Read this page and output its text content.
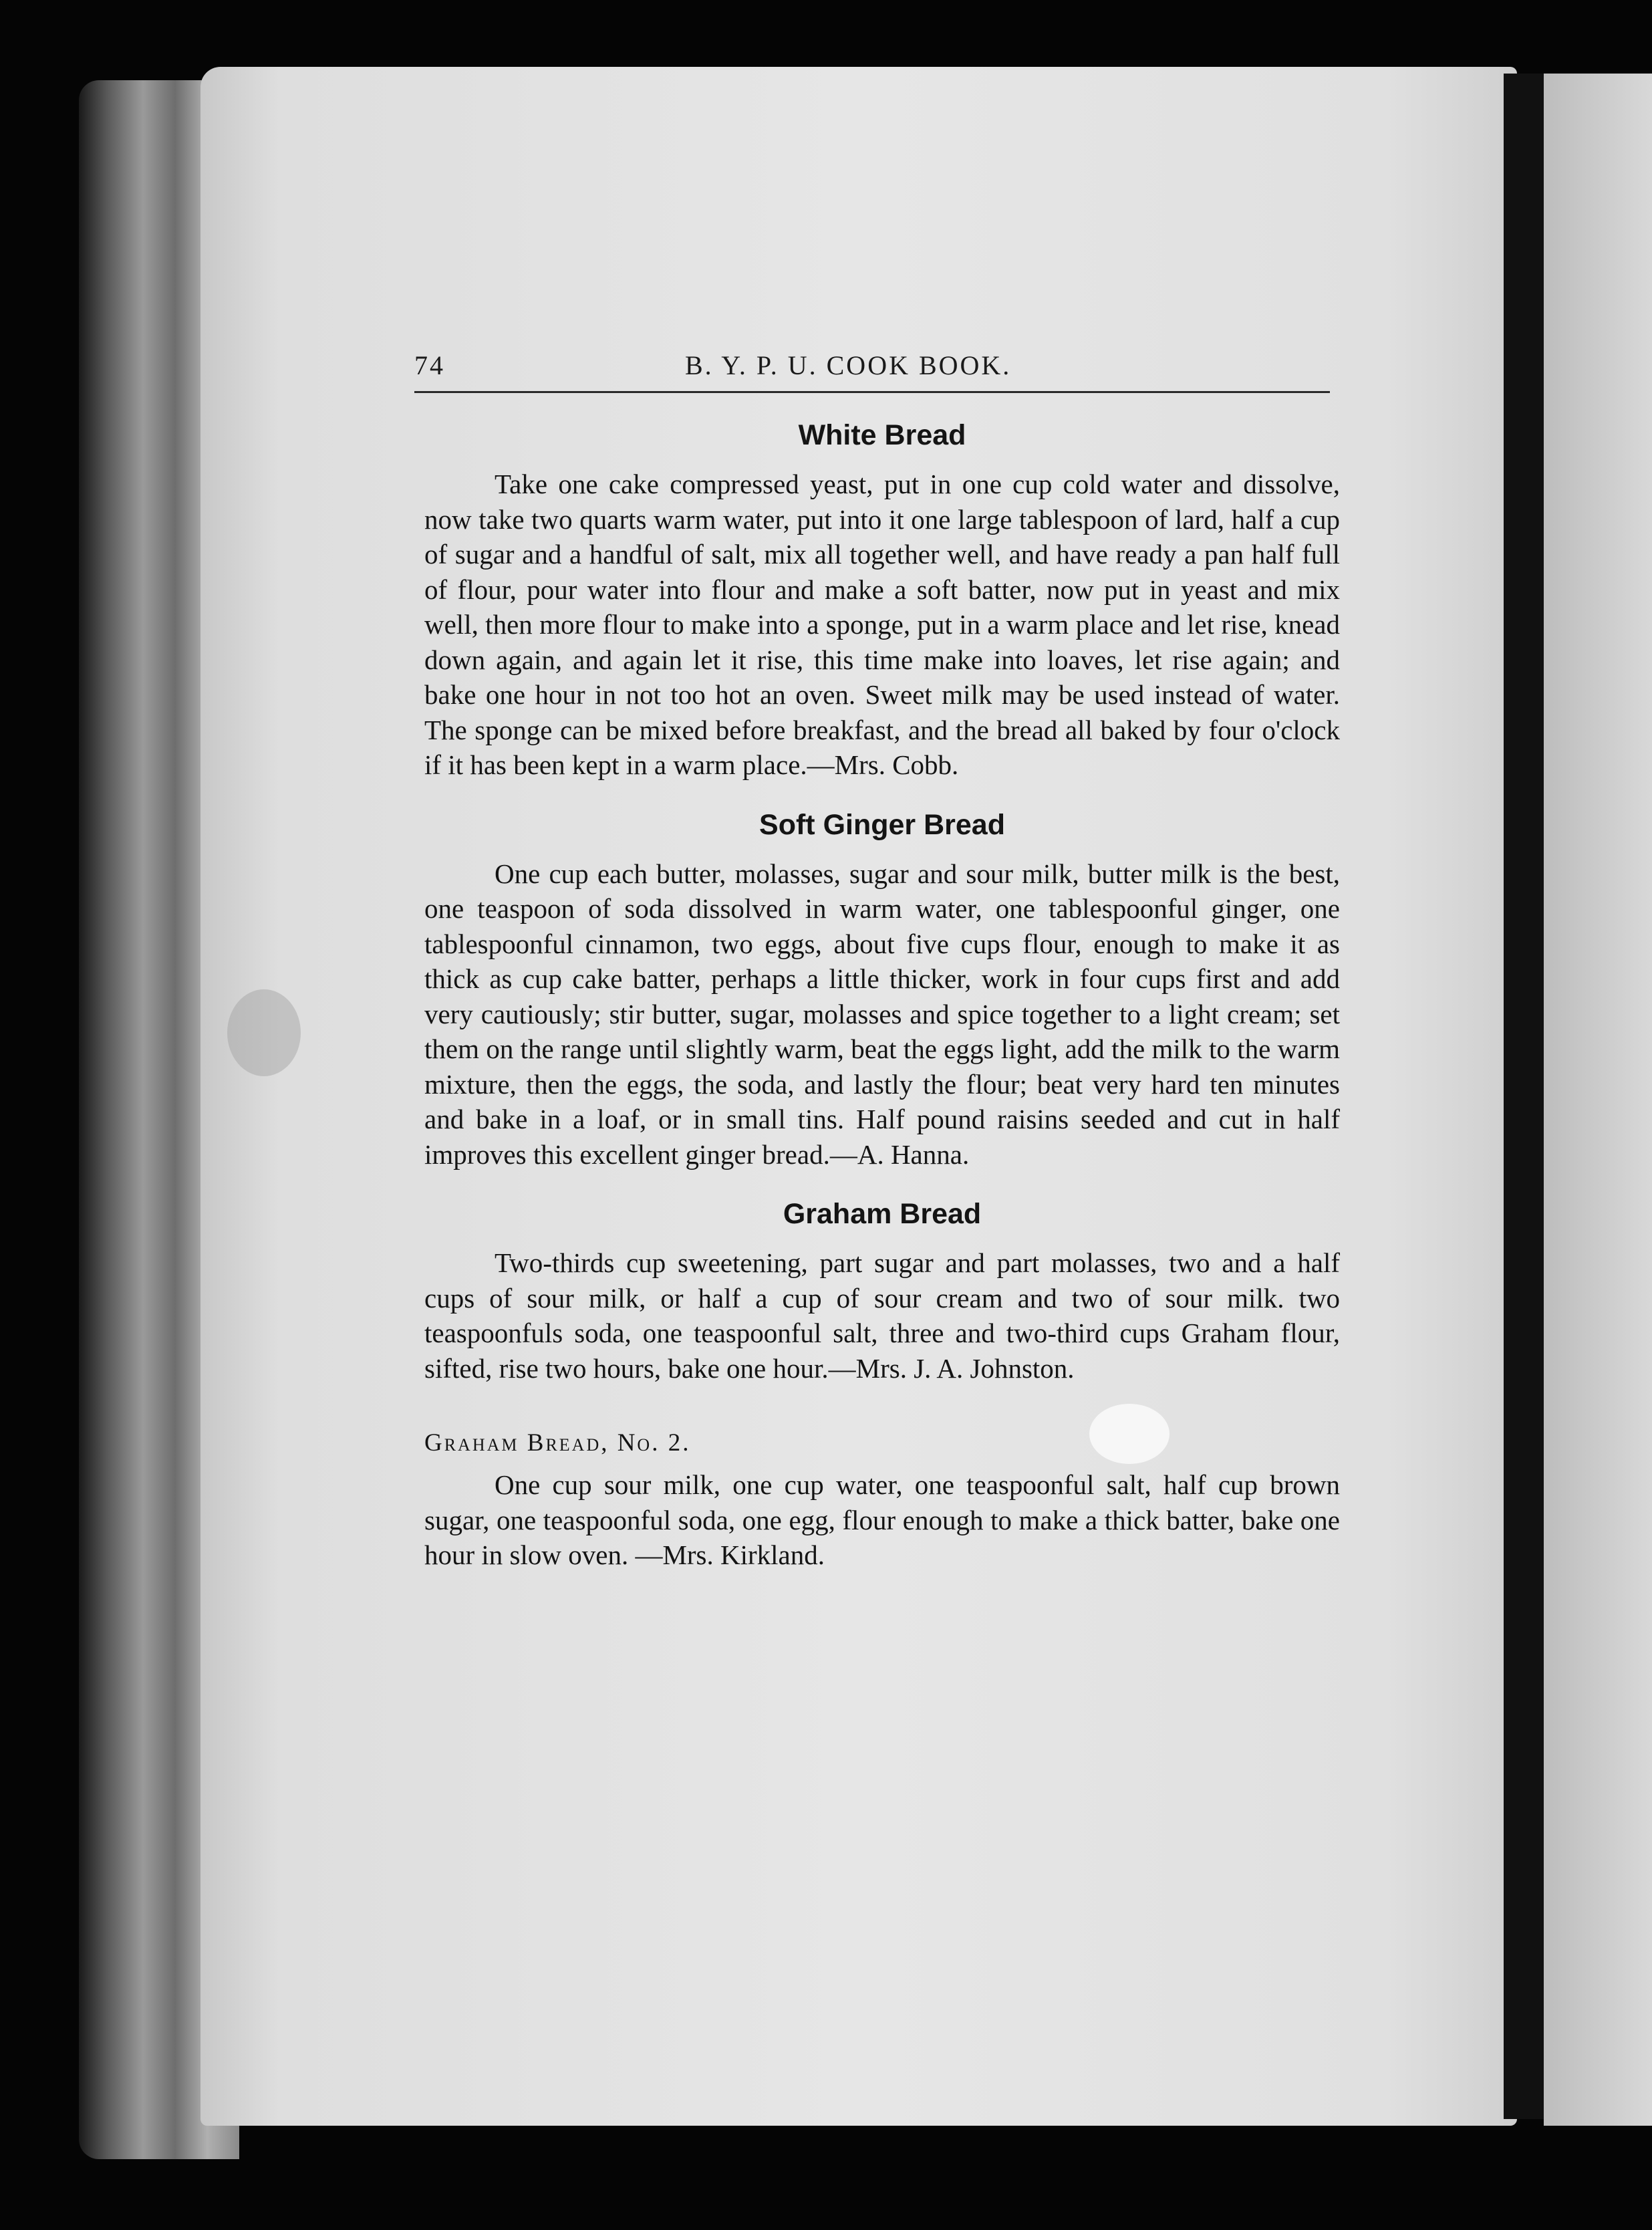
74	B. Y. P. U. COOK BOOK.
White Bread

Take one cake compressed yeast, put in one cup cold water and dissolve, now take two quarts warm water, put into it one large tablespoon of lard, half a cup of sugar and a handful of salt, mix all together well, and have ready a pan half full of flour, pour water into flour and make a soft batter, now put in yeast and mix well, then more flour to make into a sponge, put in a warm place and let rise, knead down again, and again let it rise, this time make into loaves, let rise again; and bake one hour in not too hot an oven. Sweet milk may be used instead of water. The sponge can be mixed before breakfast, and the bread all baked by four o'clock if it has been kept in a warm place.—Mrs. Cobb.

Soft Ginger Bread

One cup each butter, molasses, sugar and sour milk, butter milk is the best, one teaspoon of soda dissolved in warm water, one tablespoonful ginger, one tablespoonful cinnamon, two eggs, about five cups flour, enough to make it as thick as cup cake batter, perhaps a little thicker, work in four cups first and add very cautiously; stir butter, sugar, molasses and spice together to a light cream; set them on the range until slightly warm, beat the eggs light, add the milk to the warm mixture, then the eggs, the soda, and lastly the flour; beat very hard ten minutes and bake in a loaf, or in small tins. Half pound raisins seeded and cut in half improves this excellent ginger bread.—A. Hanna.

Graham Bread

Two-thirds cup sweetening, part sugar and part molasses, two and a half cups of sour milk, or half a cup of sour cream and two of sour milk. two teaspoonfuls soda, one teaspoonful salt, three and two-third cups Graham flour, sifted, rise two hours, bake one hour.—Mrs. J. A. Johnston.

Graham Bread, No. 2.

One cup sour milk, one cup water, one teaspoonful salt, half cup brown sugar, one teaspoonful soda, one egg, flour enough to make a thick batter, bake one hour in slow oven. —Mrs. Kirkland.
